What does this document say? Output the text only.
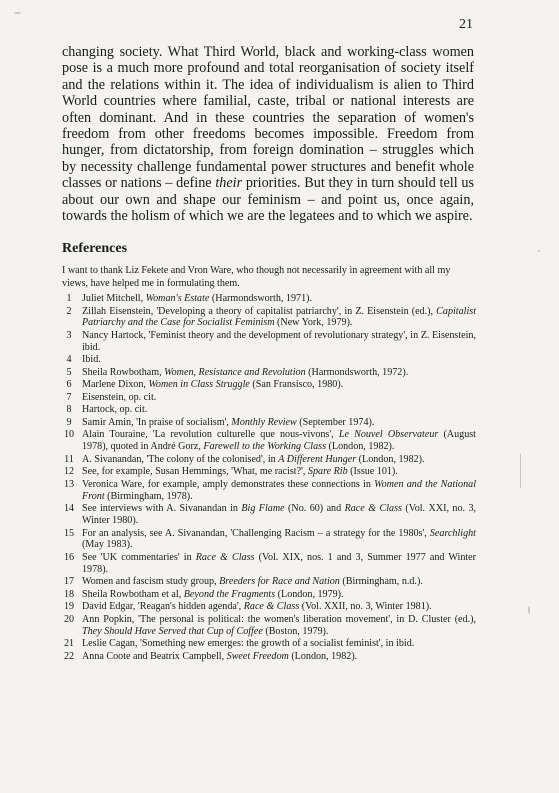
21

changing society. What Third World, black and working-class women pose is a much more profound and total reorganisation of society itself and the relations within it. The idea of individualism is alien to Third World countries where familial, caste, tribal or national interests are often dominant. And in these countries the separation of women's freedom from other freedoms becomes impossible. Freedom from hunger, from dictatorship, from foreign domination – struggles which by necessity challenge fundamental power structures and benefit whole classes or nations – define their priorities. But they in turn should tell us about our own and shape our feminism – and point us, once again, towards the holism of which we are the legatees and to which we aspire.

References

I want to thank Liz Fekete and Vron Ware, who though not necessarily in agreement with all my views, have helped me in formulating them.

1	Juliet Mitchell, Woman's Estate (Harmondsworth, 1971).
2	Zillah Eisenstein, 'Developing a theory of capitalist patriarchy', in Z. Eisenstein (ed.), Capitalist Patriarchy and the Case for Socialist Feminism (New York, 1979).
3	Nancy Hartock, 'Feminist theory and the development of revolutionary strategy', in Z. Eisenstein, ibid.
4	Ibid.
5	Sheila Rowbotham, Women, Resistance and Revolution (Harmondsworth, 1972).
6	Marlene Dixon, Women in Class Struggle (San Fransisco, 1980).
7	Eisenstein, op. cit.
8	Hartock, op. cit.
9	Samir Amin, 'In praise of socialism', Monthly Review (September 1974).
10 Alain Touraine, 'La revolution culturelle que nous-vivons', Le Nouvel Observateur (August 1978), quoted in André Gorz, Farewell to the Working Class (London, 1982).
11 A. Sivanandan, 'The colony of the colonised', in A Different Hunger (London, 1982).
12 See, for example, Susan Hemmings, 'What, me racist?', Spare Rib (Issue 101).
13 Veronica Ware, for example, amply demonstrates these connections in Women and the National Front (Birmingham, 1978).
14 See interviews with A. Sivanandan in Big Flame (No. 60) and Race & Class (Vol. XXI, no. 3, Winter 1980).
15 For an analysis, see A. Sivanandan, 'Challenging Racism – a strategy for the 1980s', Searchlight (May 1983).
16 See 'UK commentaries' in Race & Class (Vol. XIX, nos. 1 and 3, Summer 1977 and Winter 1978).
17 Women and fascism study group, Breeders for Race and Nation (Birmingham, n.d.).
18 Sheila Rowbotham et al, Beyond the Fragments (London, 1979).
19 David Edgar, 'Reagan's hidden agenda', Race & Class (Vol. XXII, no. 3, Winter 1981).
20 Ann Popkin, 'The personal is political: the women's liberation movement', in D. Cluster (ed.), They Should Have Served that Cup of Coffee (Boston, 1979).
21 Leslie Cagan, 'Something new emerges: the growth of a socialist feminist', in ibid.
22 Anna Coote and Beatrix Campbell, Sweet Freedom (London, 1982).
